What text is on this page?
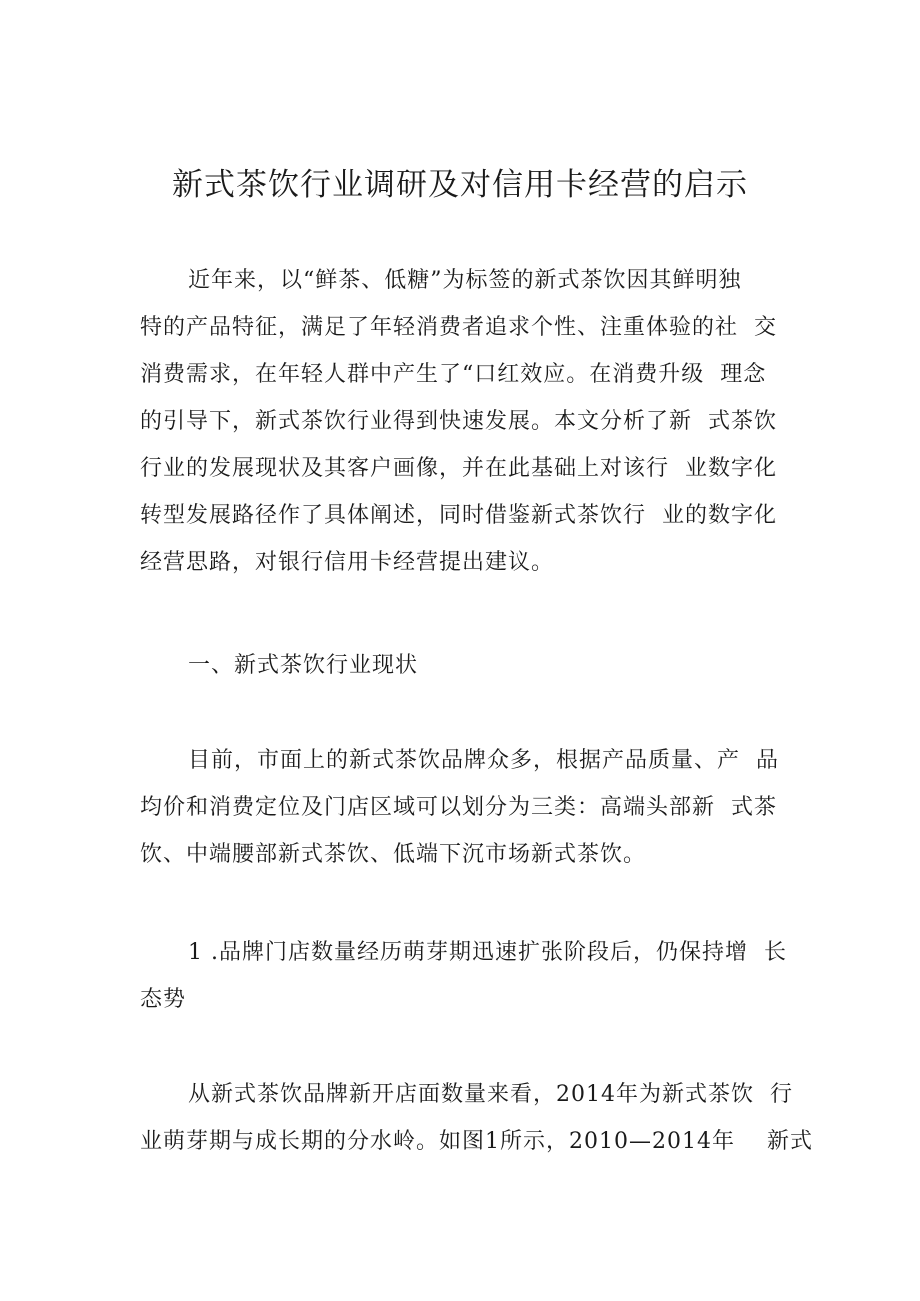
新式茶饮行业调研及对信用卡经营的启示

近年来，以“鲜茶、低糖”为标签的新式茶饮因其鲜明独

特的产品特征，满足了年轻消费者追求个性、注重体验的社  交

消费需求，在年轻人群中产生了“口红效应。在消费升级  理念

的引导下，新式茶饮行业得到快速发展。本文分析了新  式茶饮

行业的发展现状及其客户画像，并在此基础上对该行  业数字化

转型发展路径作了具体阐述，同时借鉴新式茶饮行  业的数字化

经营思路，对银行信用卡经营提出建议。

一、新式茶饮行业现状

目前，市面上的新式茶饮品牌众多，根据产品质量、产  品

均价和消费定位及门店区域可以划分为三类：高端头部新  式茶

饮、中端腰部新式茶饮、低端下沉市场新式茶饮。

1 .品牌门店数量经历萌芽期迅速扩张阶段后，仍保持增  长

态势

从新式茶饮品牌新开店面数量来看，2014年为新式茶饮  行

业萌芽期与成长期的分水岭。如图1所示，2010—2014年    新式
